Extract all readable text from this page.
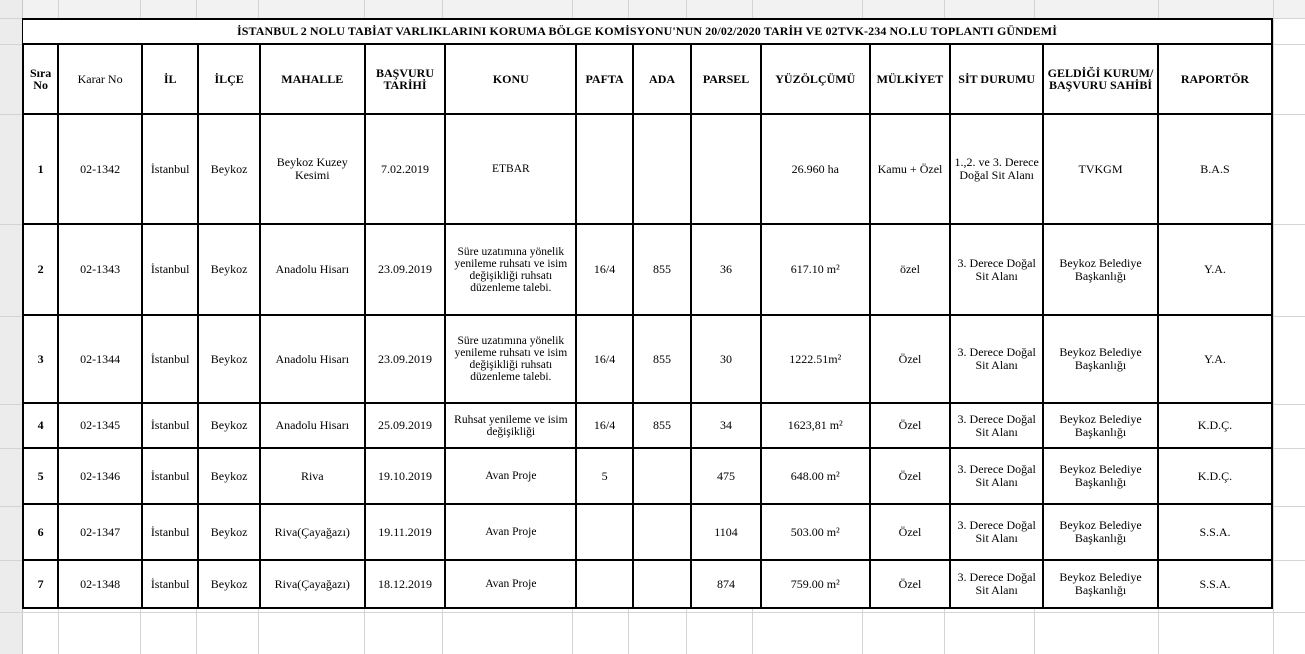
İSTANBUL 2 NOLU TABİAT VARLIKLARINI KORUMA BÖLGE KOMİSYONU'NUN 20/02/2020 TARİH VE 02TVK-234 NO.LU TOPLANTI GÜNDEMİ
Sıra No	Karar No	İL	İLÇE	MAHALLE	BAŞVURU TARİHİ	KONU	PAFTA	ADA	PARSEL	YÜZÖLÇÜMÜ	MÜLKİYET	SİT DURUMU	GELDİĞİ KURUM/ BAŞVURU SAHİBİ	RAPORTÖR

1	02-1342	İstanbul	Beykoz	Beykoz Kuzey Kesimi	7.02.2019	ETBAR				26.960 ha	Kamu + Özel	1.,2. ve 3. Derece Doğal Sit Alanı	TVKGM	B.A.S

2	02-1343	İstanbul	Beykoz	Anadolu Hisarı	23.09.2019	Süre uzatımına yönelik yenileme ruhsatı ve isim değişikliği ruhsatı düzenleme talebi.	16/4	855	36	617.10 m²	özel	3. Derece Doğal Sit Alanı	Beykoz Belediye Başkanlığı	Y.A.

3	02-1344	İstanbul	Beykoz	Anadolu Hisarı	23.09.2019	Süre uzatımına yönelik yenileme ruhsatı ve isim değişikliği ruhsatı düzenleme talebi.	16/4	855	30	1222.51m²	Özel	3. Derece Doğal Sit Alanı	Beykoz Belediye Başkanlığı	Y.A.

4	02-1345	İstanbul	Beykoz	Anadolu Hisarı	25.09.2019	Ruhsat yenileme ve isim değişikliği	16/4	855	34	1623,81 m²	Özel	3. Derece Doğal Sit Alanı	Beykoz Belediye Başkanlığı	K.D.Ç.

5	02-1346	İstanbul	Beykoz	Riva	19.10.2019	Avan Proje	5		475	648.00 m²	Özel	3. Derece Doğal Sit Alanı	Beykoz Belediye Başkanlığı	K.D.Ç.

6	02-1347	İstanbul	Beykoz	Riva(Çayağazı)	19.11.2019	Avan Proje			1104	503.00 m²	Özel	3. Derece Doğal Sit Alanı	Beykoz Belediye Başkanlığı	S.S.A.

7	02-1348	İstanbul	Beykoz	Riva(Çayağazı)	18.12.2019	Avan Proje			874	759.00 m²	Özel	3. Derece Doğal Sit Alanı	Beykoz Belediye Başkanlığı	S.S.A.
